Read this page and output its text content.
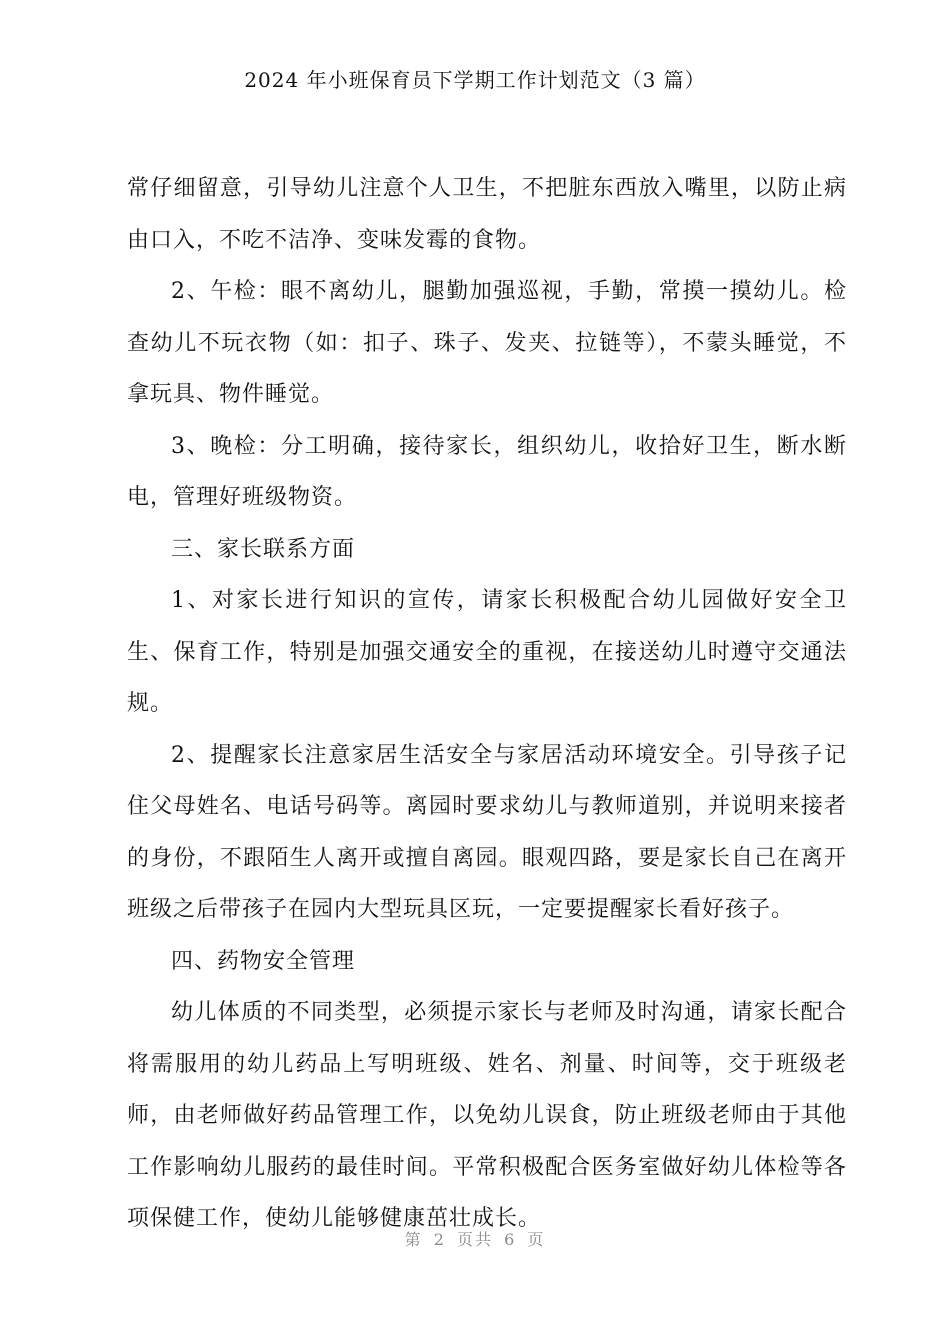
2024 年小班保育员下学期工作计划范文（3 篇）

常仔细留意，引导幼儿注意个人卫生，不把脏东西放入嘴里，以防止病由口入，不吃不洁净、变味发霉的食物。

2、午检：眼不离幼儿，腿勤加强巡视，手勤，常摸一摸幼儿。检查幼儿不玩衣物（如：扣子、珠子、发夹、拉链等），不蒙头睡觉，不拿玩具、物件睡觉。

3、晚检：分工明确，接待家长，组织幼儿，收拾好卫生，断水断电，管理好班级物资。

三、家长联系方面

1、对家长进行知识的宣传，请家长积极配合幼儿园做好安全卫生、保育工作，特别是加强交通安全的重视，在接送幼儿时遵守交通法规。

2、提醒家长注意家居生活安全与家居活动环境安全。引导孩子记住父母姓名、电话号码等。离园时要求幼儿与教师道别，并说明来接者的身份，不跟陌生人离开或擅自离园。眼观四路，要是家长自己在离开班级之后带孩子在园内大型玩具区玩，一定要提醒家长看好孩子。

四、药物安全管理

幼儿体质的不同类型，必须提示家长与老师及时沟通，请家长配合将需服用的幼儿药品上写明班级、姓名、剂量、时间等，交于班级老师，由老师做好药品管理工作，以免幼儿误食，防止班级老师由于其他工作影响幼儿服药的最佳时间。平常积极配合医务室做好幼儿体检等各项保健工作，使幼儿能够健康茁壮成长。

第 2 页共 6 页
